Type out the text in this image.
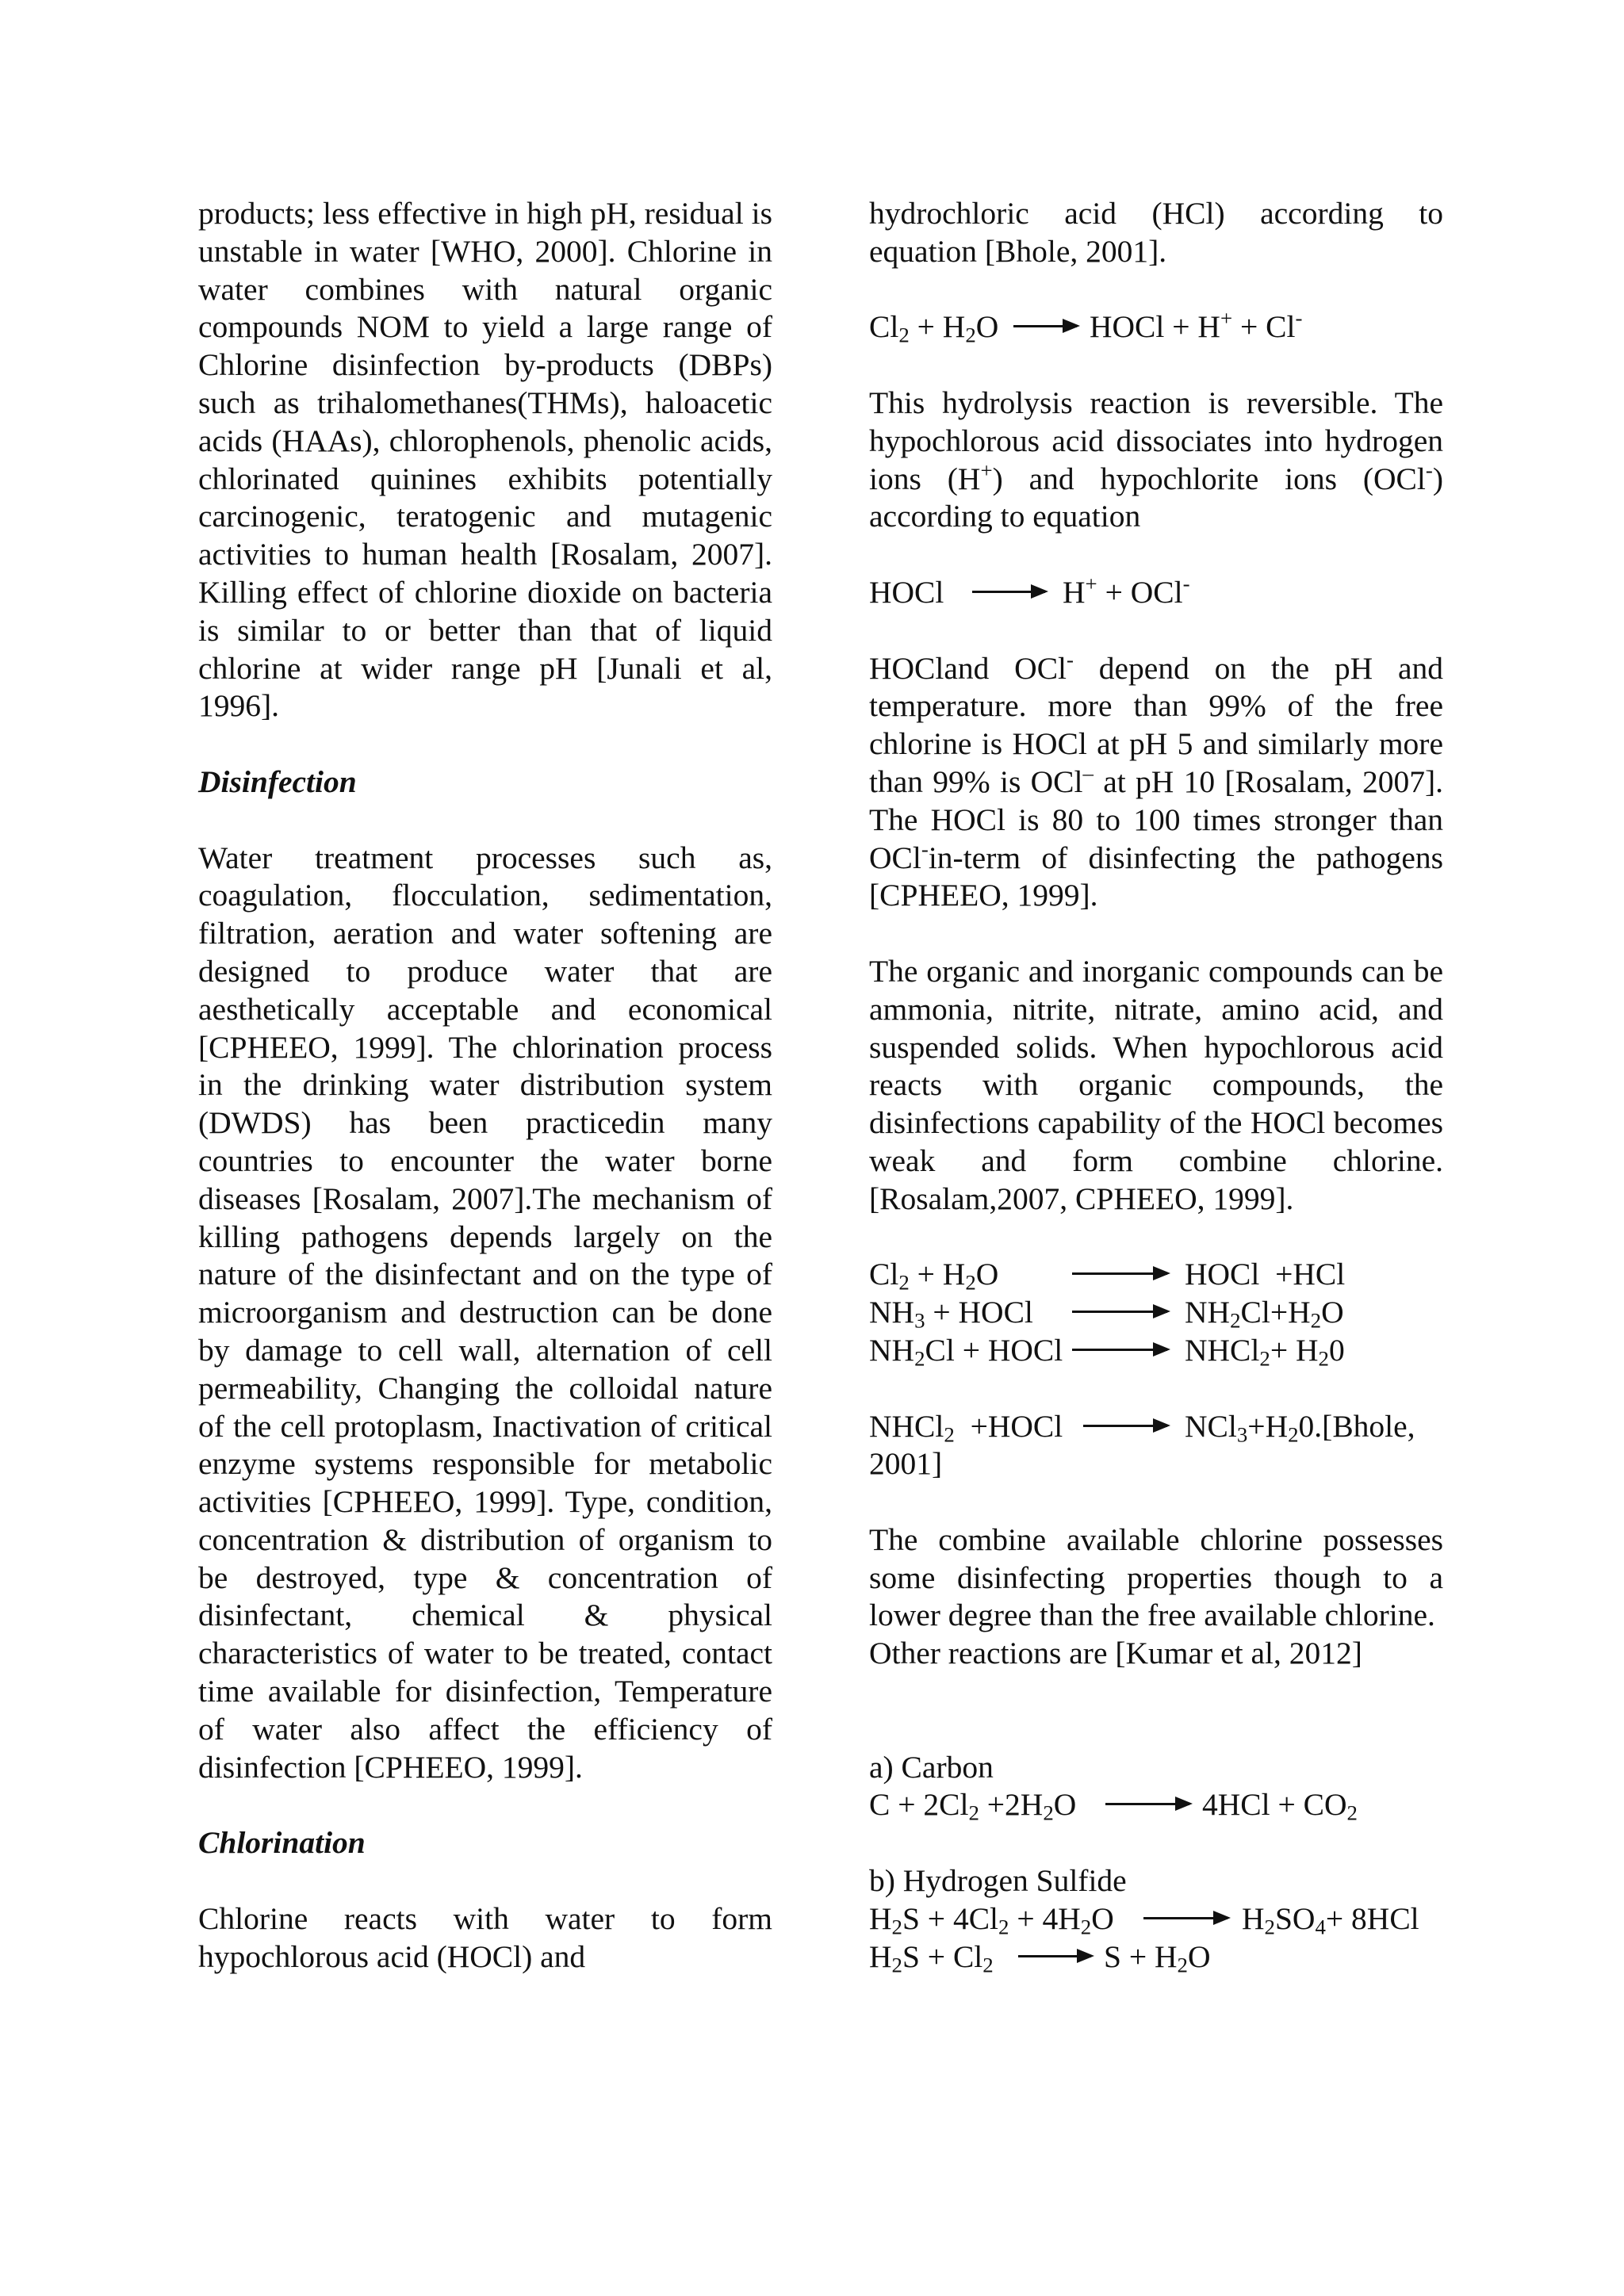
products; less effective in high pH, residual is unstable in water [WHO, 2000]. Chlorine in water combines with natural organic compounds NOM to yield a large range of Chlorine disinfection by-products (DBPs) such as trihalomethanes(THMs), haloacetic acids (HAAs), chlorophenols, phenolic acids, chlorinated quinines exhibits potentially carcinogenic, teratogenic and mutagenic activities to human health [Rosalam, 2007]. Killing effect of chlorine dioxide on bacteria is similar to or better than that of liquid chlorine at wider range pH [Junali et al, 1996].

Disinfection

Water treatment processes such as, coagulation, flocculation, sedimentation, filtration, aeration and water softening are designed to produce water that are aesthetically acceptable and economical [CPHEEO, 1999]. The chlorination process in the drinking water distribution system (DWDS) has been practicedin many countries to encounter the water borne diseases [Rosalam, 2007].The mechanism of killing pathogens depends largely on the nature of the disinfectant and on the type of microorganism and destruction can be done by damage to cell wall, alternation of cell permeability, Changing the colloidal nature of the cell protoplasm, Inactivation of critical enzyme systems responsible for metabolic activities [CPHEEO, 1999]. Type, condition, concentration & distribution of organism to be destroyed, type & concentration of disinfectant, chemical & physical characteristics of water to be treated, contact time available for disinfection, Temperature of water also affect the efficiency of disinfection [CPHEEO, 1999].

Chlorination

Chlorine reacts with water to form hypochlorous acid (HOCl) and

hydrochloric acid (HCl) according to equation [Bhole, 2001].

$Cl_2 + H_2O$ → HOCl + H+ + Cl-

This hydrolysis reaction is reversible. The hypochlorous acid dissociates into hydrogen ions (H+) and hypochlorite ions (OCl-) according to equation

HOCl → H+ + OCl-

HOCland OCl- depend on the pH and temperature. more than 99% of the free chlorine is HOCl at pH 5 and similarly more than 99% is OCl– at pH 10 [Rosalam, 2007]. The HOCl is 80 to 100 times stronger than OCl-in-term of disinfecting the pathogens [CPHEEO, 1999].

The organic and inorganic compounds can be ammonia, nitrite, nitrate, amino acid, and suspended solids. When hypochlorous acid reacts with organic compounds, the disinfections capability of the HOCl becomes weak and form combine chlorine. [Rosalam,2007, CPHEEO, 1999].

$Cl_2 + H_2O$ → HOCl  +HCl
$NH_3$ + HOCl → $NH_2Cl+H_2O$
$NH_2Cl$ + HOCl → NHCl$_2$+ $H_20$
NHCl$_2$  +HOCl → $NCl_3+H_20.[Bhole$,

2001]

The combine available chlorine possesses some disinfecting properties though to a lower degree than the free available chlorine.

Other reactions are [Kumar et al, 2012]

a) Carbon

$C + 2Cl_2 +2H_2O \to 4HCl + CO_2$

b) Hydrogen Sulfide

$H_2S + 4Cl_2 + 4H_2O \to H_2SO_4+ 8HCl$
$H_2S + Cl_2 \to S + H_2O$
